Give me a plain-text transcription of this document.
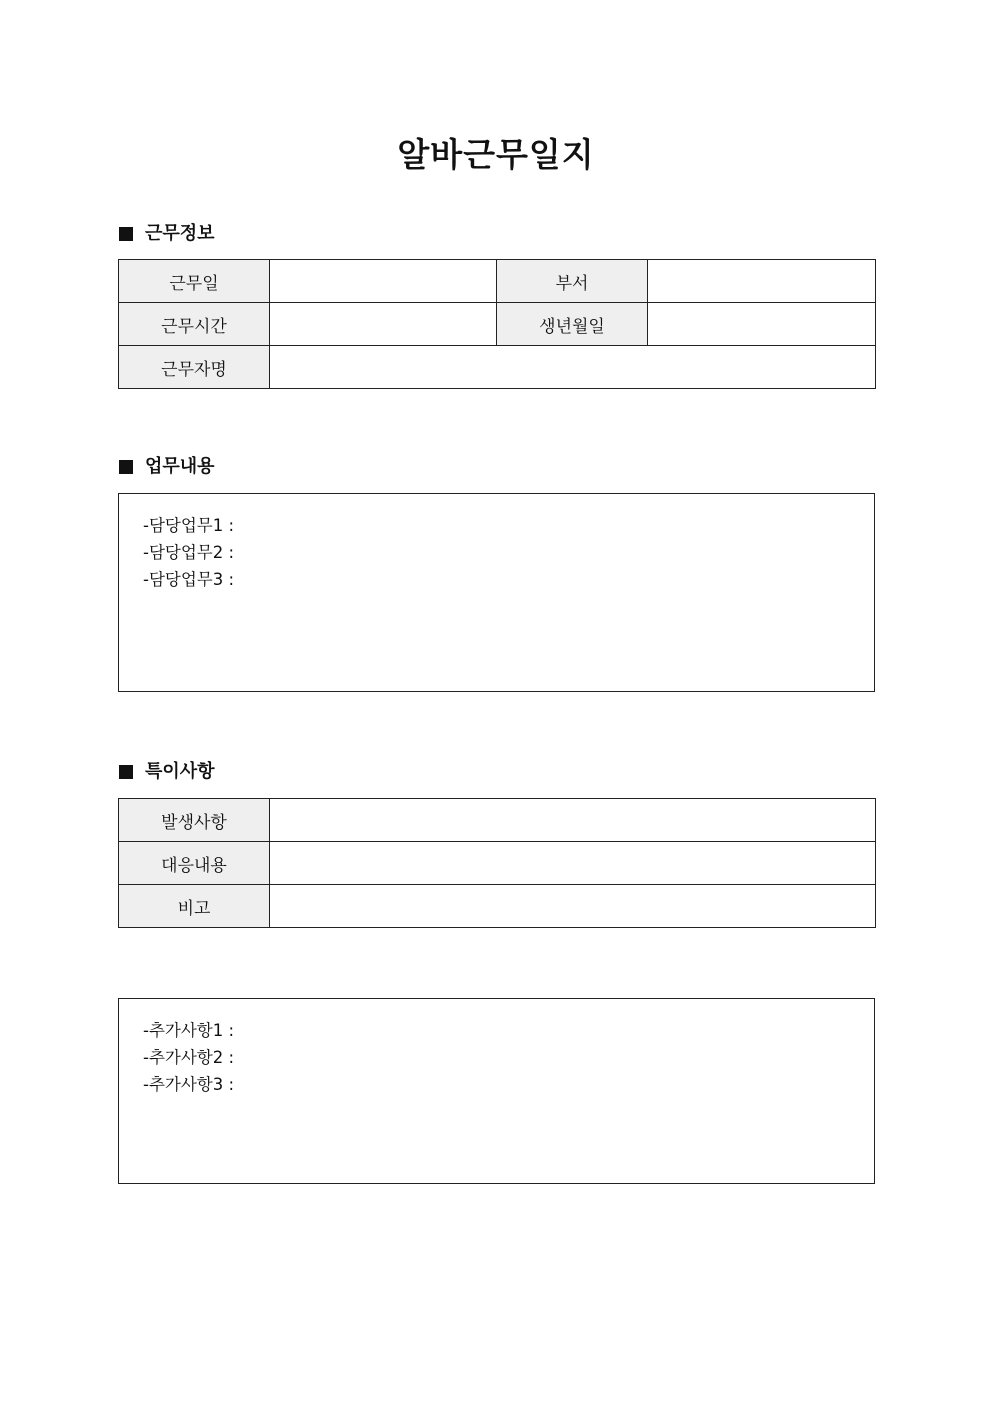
알바근무일지
근무정보
근무일		부서	
근무시간		생년월일	
근무자명			
업무내용
-담당업무1 :
-담당업무2 :
-담당업무3 :
특이사항
발생사항	
대응내용	
비고	
-추가사항1 :
-추가사항2 :
-추가사항3 :
